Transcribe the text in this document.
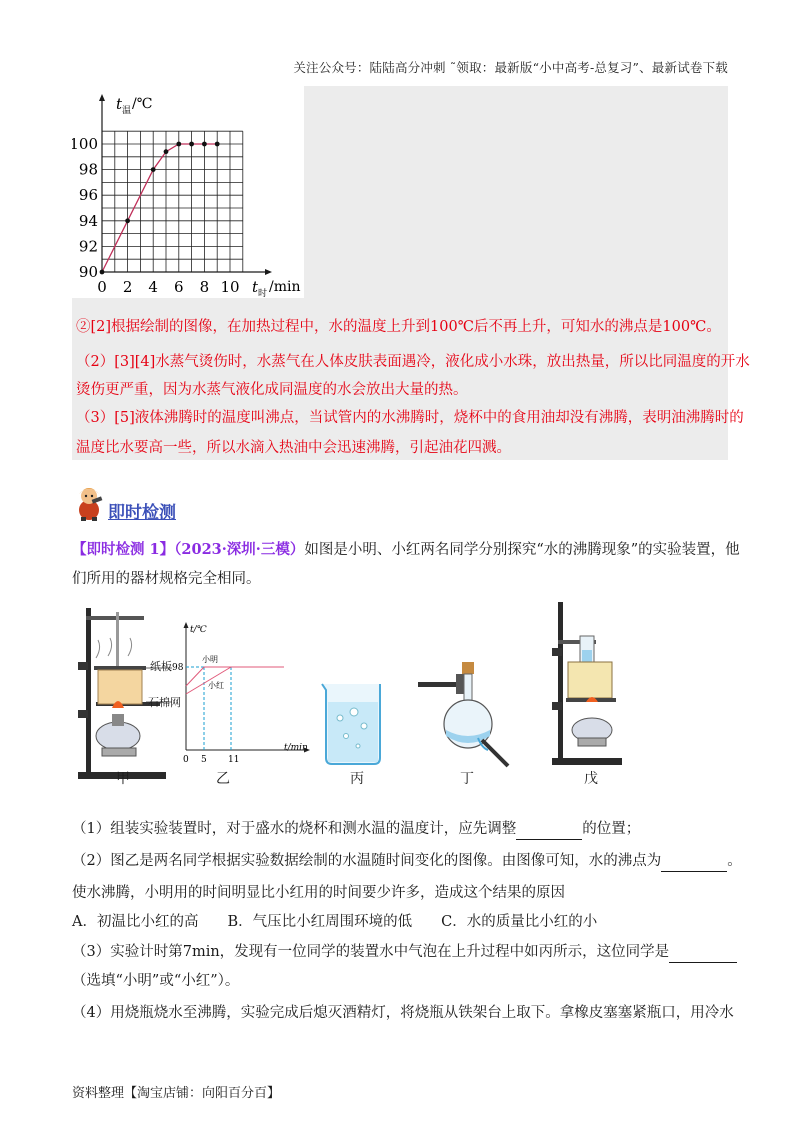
关注公众号：陆陆高分冲刺 ˜领取：最新版“小中高考-总复习”、最新试卷下载
t 温 /℃
t 时 /min
90
92
94
96
98
100
0 2 4 6 8 10
②[2]根据绘制的图像，在加热过程中，水的温度上升到100℃后不再上升，可知水的沸点是100℃。
（2）[3][4]水蒸气烫伤时，水蒸气在人体皮肤表面遇冷，液化成小水珠，放出热量，所以比同温度的开水
烫伤更严重，因为水蒸气液化成同温度的水会放出大量的热。
（3）[5]液体沸腾时的温度叫沸点，当试管内的水沸腾时，烧杯中的食用油却没有沸腾，表明油沸腾时的
温度比水要高一些，所以水滴入热油中会迅速沸腾，引起油花四溅。
即时检测
【即时检测 1】（2023·深圳·三模）如图是小明、小红两名同学分别探究“水的沸腾现象”的实验装置，他
们所用的器材规格完全相同。
纸板
石棉网
甲
t/℃
t/min
98
0 5 11
小明
小红
乙	丙	丁	戊
（1）组装实验装置时，对于盛水的烧杯和测水温的温度计，应先调整	的位置；
（2）图乙是两名同学根据实验数据绘制的水温随时间变化的图像。由图像可知，水的沸点为	。
使水沸腾，小明用的时间明显比小红用的时间要少许多，造成这个结果的原因
A．初温比小红的高　　B．气压比小红周围环境的低　　C．水的质量比小红的小
（3）实验计时第7min，发现有一位同学的装置水中气泡在上升过程中如丙所示，这位同学是
（选填“小明”或“小红”）。
（4）用烧瓶烧水至沸腾，实验完成后熄灭酒精灯，将烧瓶从铁架台上取下。拿橡皮塞塞紧瓶口，用冷水
资料整理【淘宝店铺：向阳百分百】
